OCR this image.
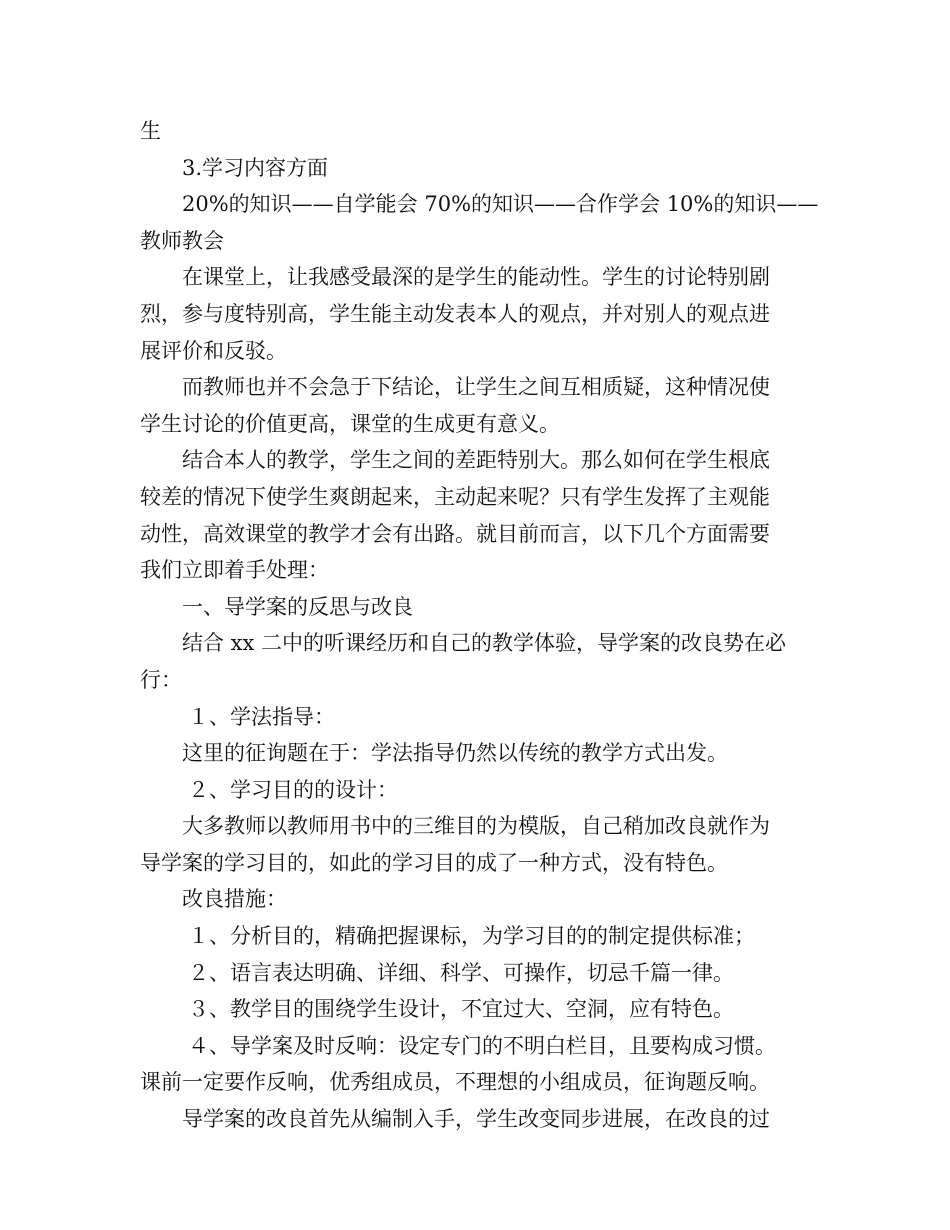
生

3.学习内容方面

20%的知识——自学能会 70%的知识——合作学会 10%的知识——

教师教会

在课堂上，让我感受最深的是学生的能动性。学生的讨论特别剧

烈，参与度特别高，学生能主动发表本人的观点，并对别人的观点进

展评价和反驳。

而教师也并不会急于下结论，让学生之间互相质疑，这种情况使

学生讨论的价值更高，课堂的生成更有意义。

结合本人的教学，学生之间的差距特别大。那么如何在学生根底

较差的情况下使学生爽朗起来，主动起来呢？只有学生发挥了主观能

动性，高效课堂的教学才会有出路。就目前而言，以下几个方面需要

我们立即着手处理：

一、导学案的反思与改良

结合 xx 二中的听课经历和自己的教学体验，导学案的改良势在必

行：

１、学法指导：

这里的征询题在于：学法指导仍然以传统的教学方式出发。

２、学习目的的设计：

大多教师以教师用书中的三维目的为模版，自己稍加改良就作为

导学案的学习目的，如此的学习目的成了一种方式，没有特色。

改良措施：

１、分析目的，精确把握课标，为学习目的的制定提供标准；

２、语言表达明确、详细、科学、可操作，切忌千篇一律。

３、教学目的围绕学生设计，不宜过大、空洞，应有特色。

４、导学案及时反响：设定专门的不明白栏目，且要构成习惯。

课前一定要作反响，优秀组成员，不理想的小组成员，征询题反响。

导学案的改良首先从编制入手，学生改变同步进展，在改良的过
